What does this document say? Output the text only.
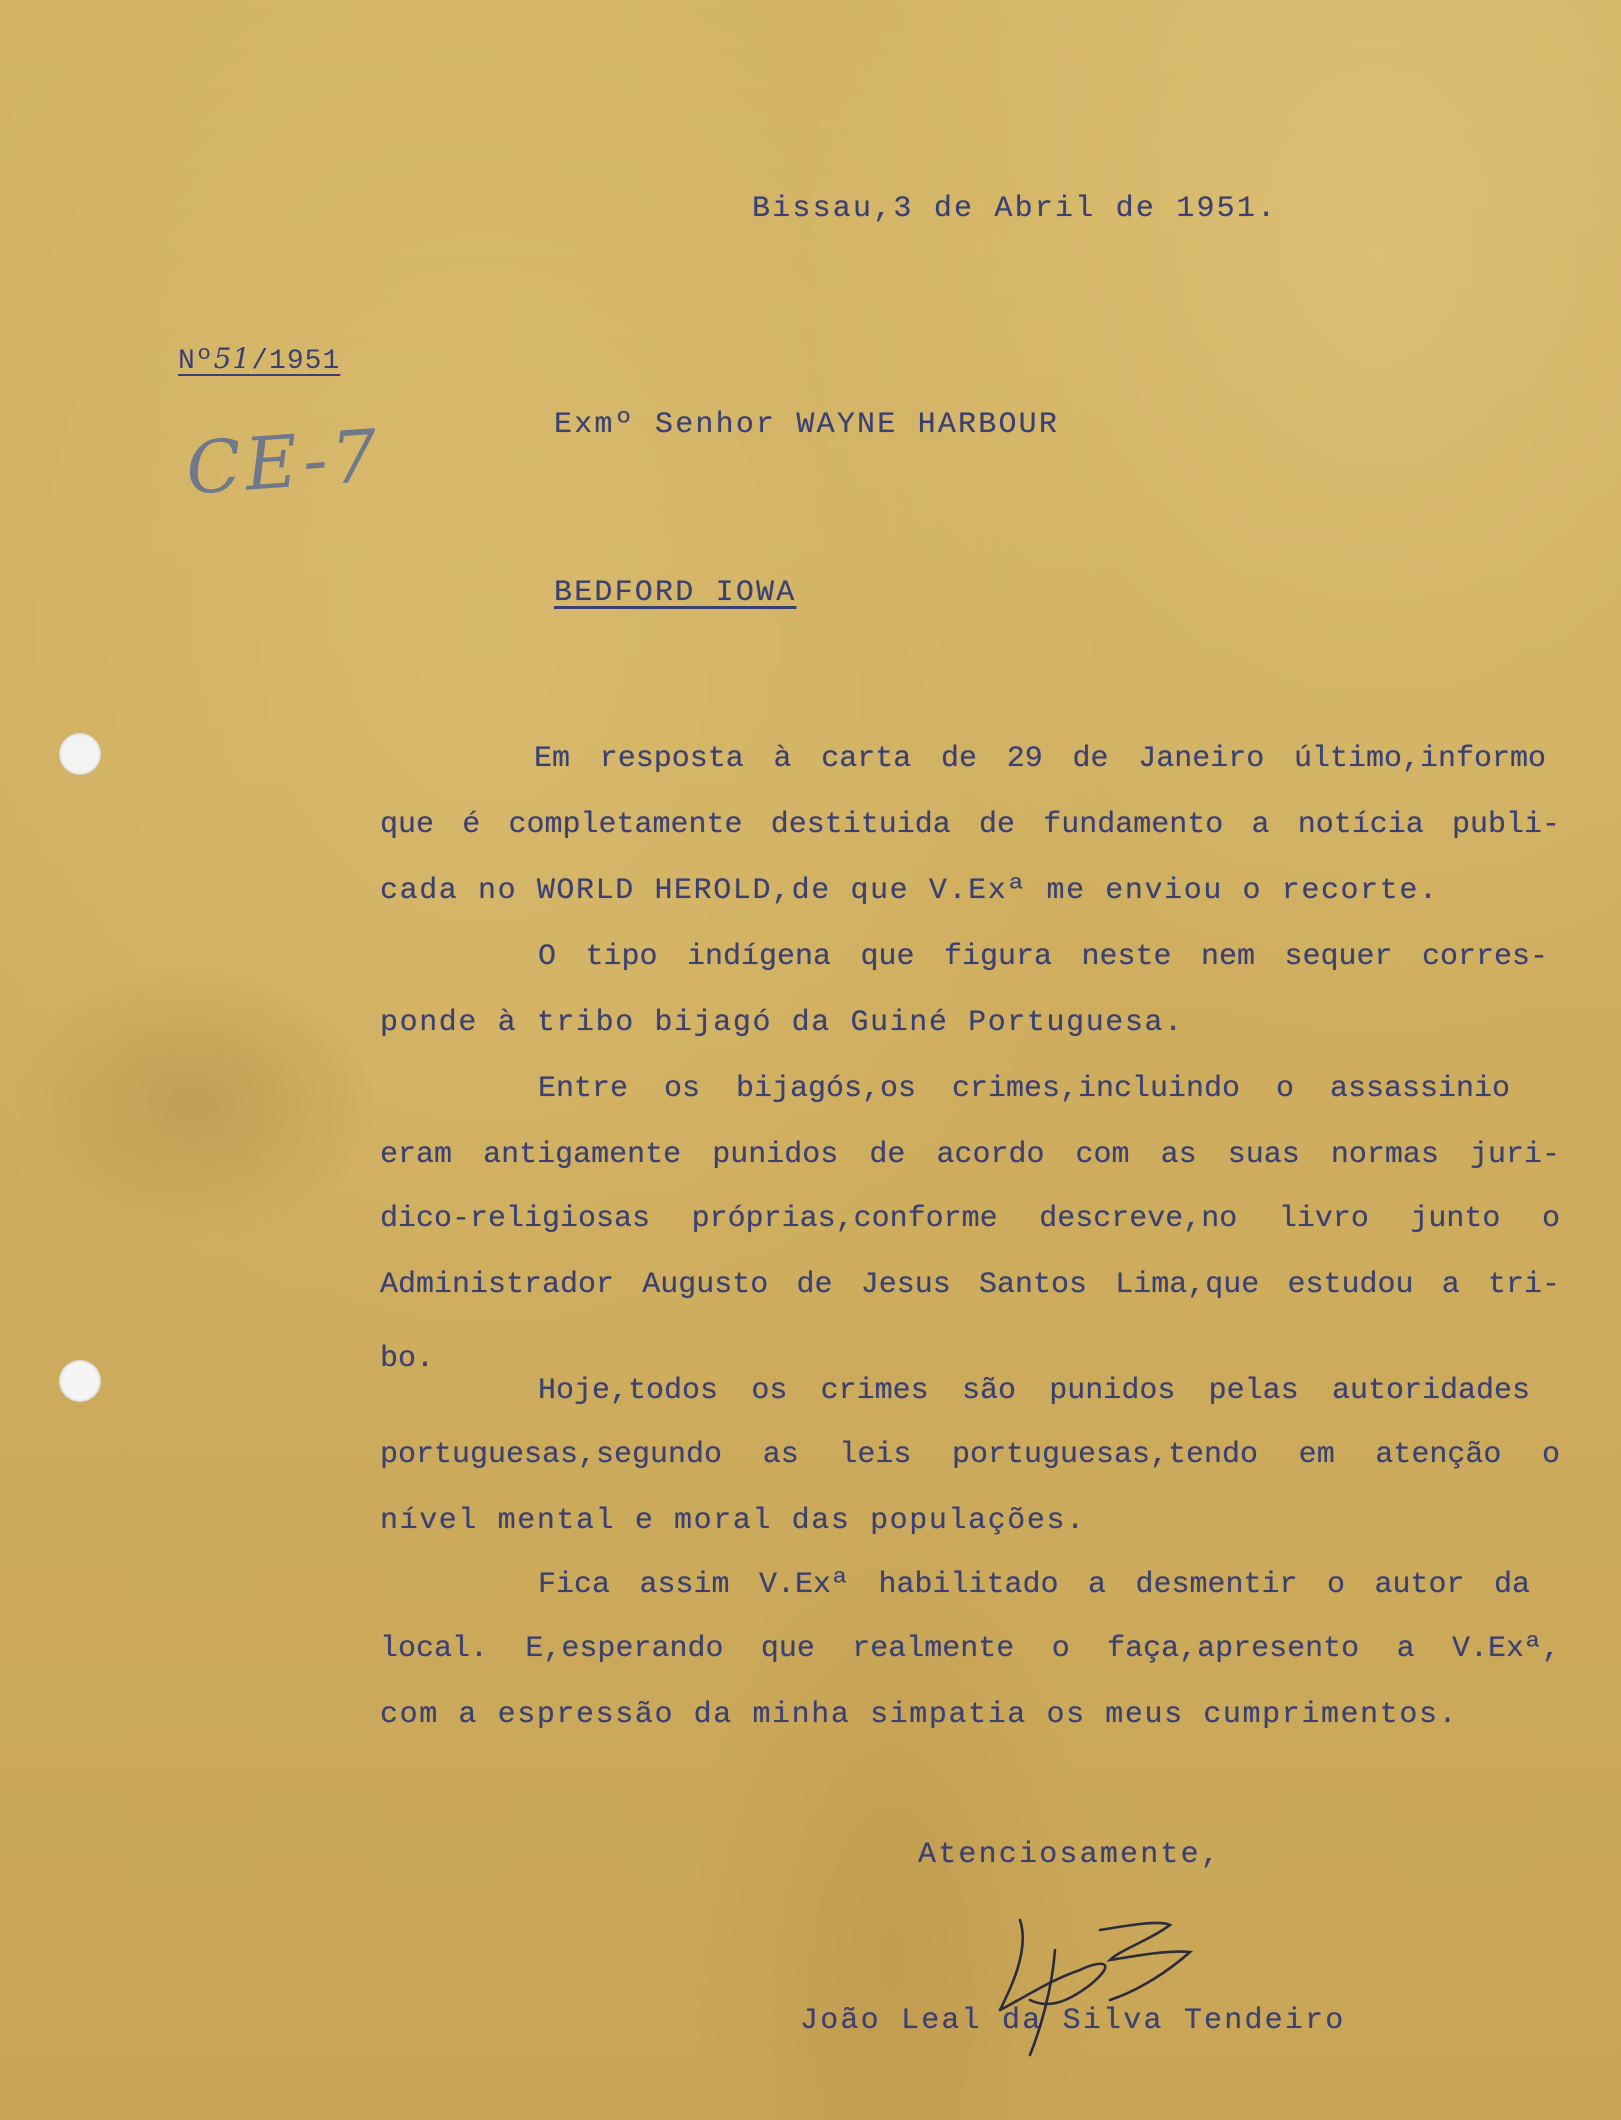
Bissau,3 de Abril de 1951.
Nº51/1951
CE-7	Exmº Senhor WAYNE HARBOUR
BEDFORD IOWA
Em resposta à carta de 29 de Janeiro último,informo
que é completamente destituida de fundamento a notícia publi-
cada no WORLD HEROLD,de que V.Exª me enviou o recorte.
O tipo indígena que figura neste nem sequer corres-
ponde à tribo bijagó da Guiné Portuguesa.
Entre os bijagós,os crimes,incluindo o assassinio
eram antigamente punidos de acordo com as suas normas juri-
dico-religiosas próprias,conforme descreve,no livro junto o
Administrador Augusto de Jesus Santos Lima,que estudou a tri-
bo.
Hoje,todos os crimes são punidos pelas autoridades
portuguesas,segundo as leis portuguesas,tendo em atenção o
nível mental e moral das populações.
Fica assim V.Exª habilitado a desmentir o autor da
local. E,esperando que realmente o faça,apresento a V.Exª,
com a espressão da minha simpatia os meus cumprimentos.
Atenciosamente,
João Leal da Silva Tendeiro
